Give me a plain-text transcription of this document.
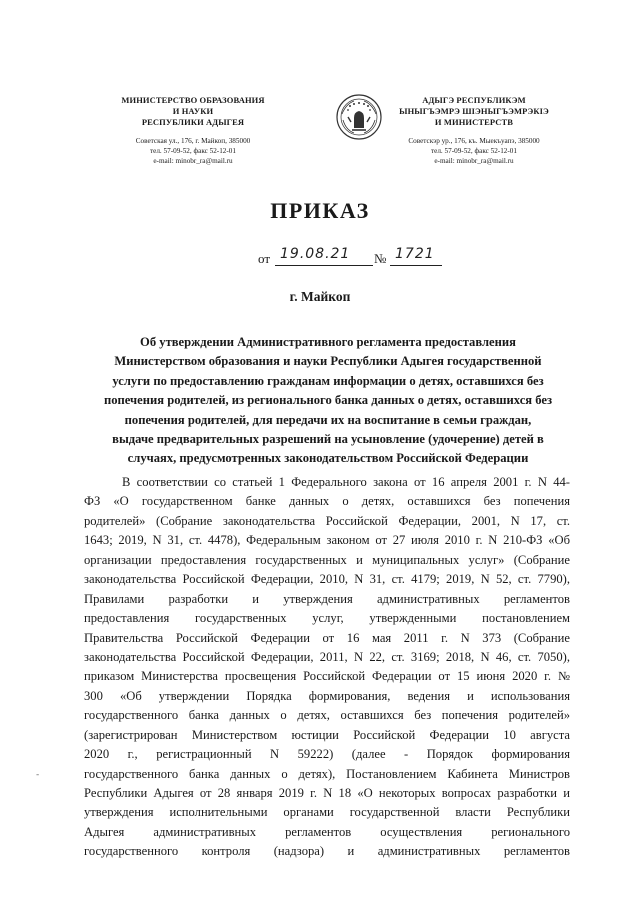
МИНИСТЕРСТВО ОБРАЗОВАНИЯ
И НАУКИ
РЕСПУБЛИКИ АДЫГЕЯ
Советская ул., 176, г. Майкоп, 385000
тел. 57-09-52, факс 52-12-01
e-mail: minobr_ra@mail.ru
АДЫГЭ РЕСПУБЛИКЭМ
ЫНЫГЪЭМРЭ ШIЭНЫГЪЭМРЭКIЭ
И МИНИСТЕРСТВ
Советскэр ур., 176, къ. Мыекъуапэ, 385000
тел. 57-09-52, факс 52-12-01
e-mail: minobr_ra@mail.ru
ПРИКАЗ
от 19.08.21 № 1721
г. Майкоп
Об утверждении Административного регламента предоставления
Министерством образования и науки Республики Адыгея государственной
услуги по предоставлению гражданам информации о детях, оставшихся без
попечения родителей, из регионального банка данных о детях, оставшихся без
попечения родителей, для передачи их на воспитание в семьи граждан,
выдаче предварительных разрешений на усыновление (удочерение) детей в
случаях, предусмотренных законодательством Российской Федерации
В соответствии со статьей 1 Федерального закона от 16 апреля 2001 г. N 44-
ФЗ «О государственном банке данных о детях, оставшихся без попечения
родителей» (Собрание законодательства Российской Федерации, 2001, N 17, ст.
1643; 2019, N 31, ст. 4478), Федеральным законом от 27 июля 2010 г. N 210-ФЗ «Об
организации предоставления государственных и муниципальных услуг» (Собрание
законодательства Российской Федерации, 2010, N 31, ст. 4179; 2019, N 52, ст. 7790),
Правилами разработки и утверждения административных регламентов
предоставления государственных услуг, утвержденными постановлением
Правительства Российской Федерации от 16 мая 2011 г. N 373 (Собрание
законодательства Российской Федерации, 2011, N 22, ст. 3169; 2018, N 46, ст. 7050),
приказом Министерства просвещения Российской Федерации от 15 июня 2020 г. №
300 «Об утверждении Порядка формирования, ведения и использования
государственного банка данных о детях, оставшихся без попечения родителей»
(зарегистрирован Министерством юстиции Российской Федерации 10 августа
2020 г., регистрационный N 59222) (далее - Порядок формирования
государственного банка данных о детях), Постановлением Кабинета Министров
Республики Адыгея от 28 января 2019 г. N 18 «О некоторых вопросах разработки и
утверждения исполнительными органами государственной власти Республики
Адыгея административных регламентов осуществления регионального
государственного контроля (надзора) и административных регламентов
-
